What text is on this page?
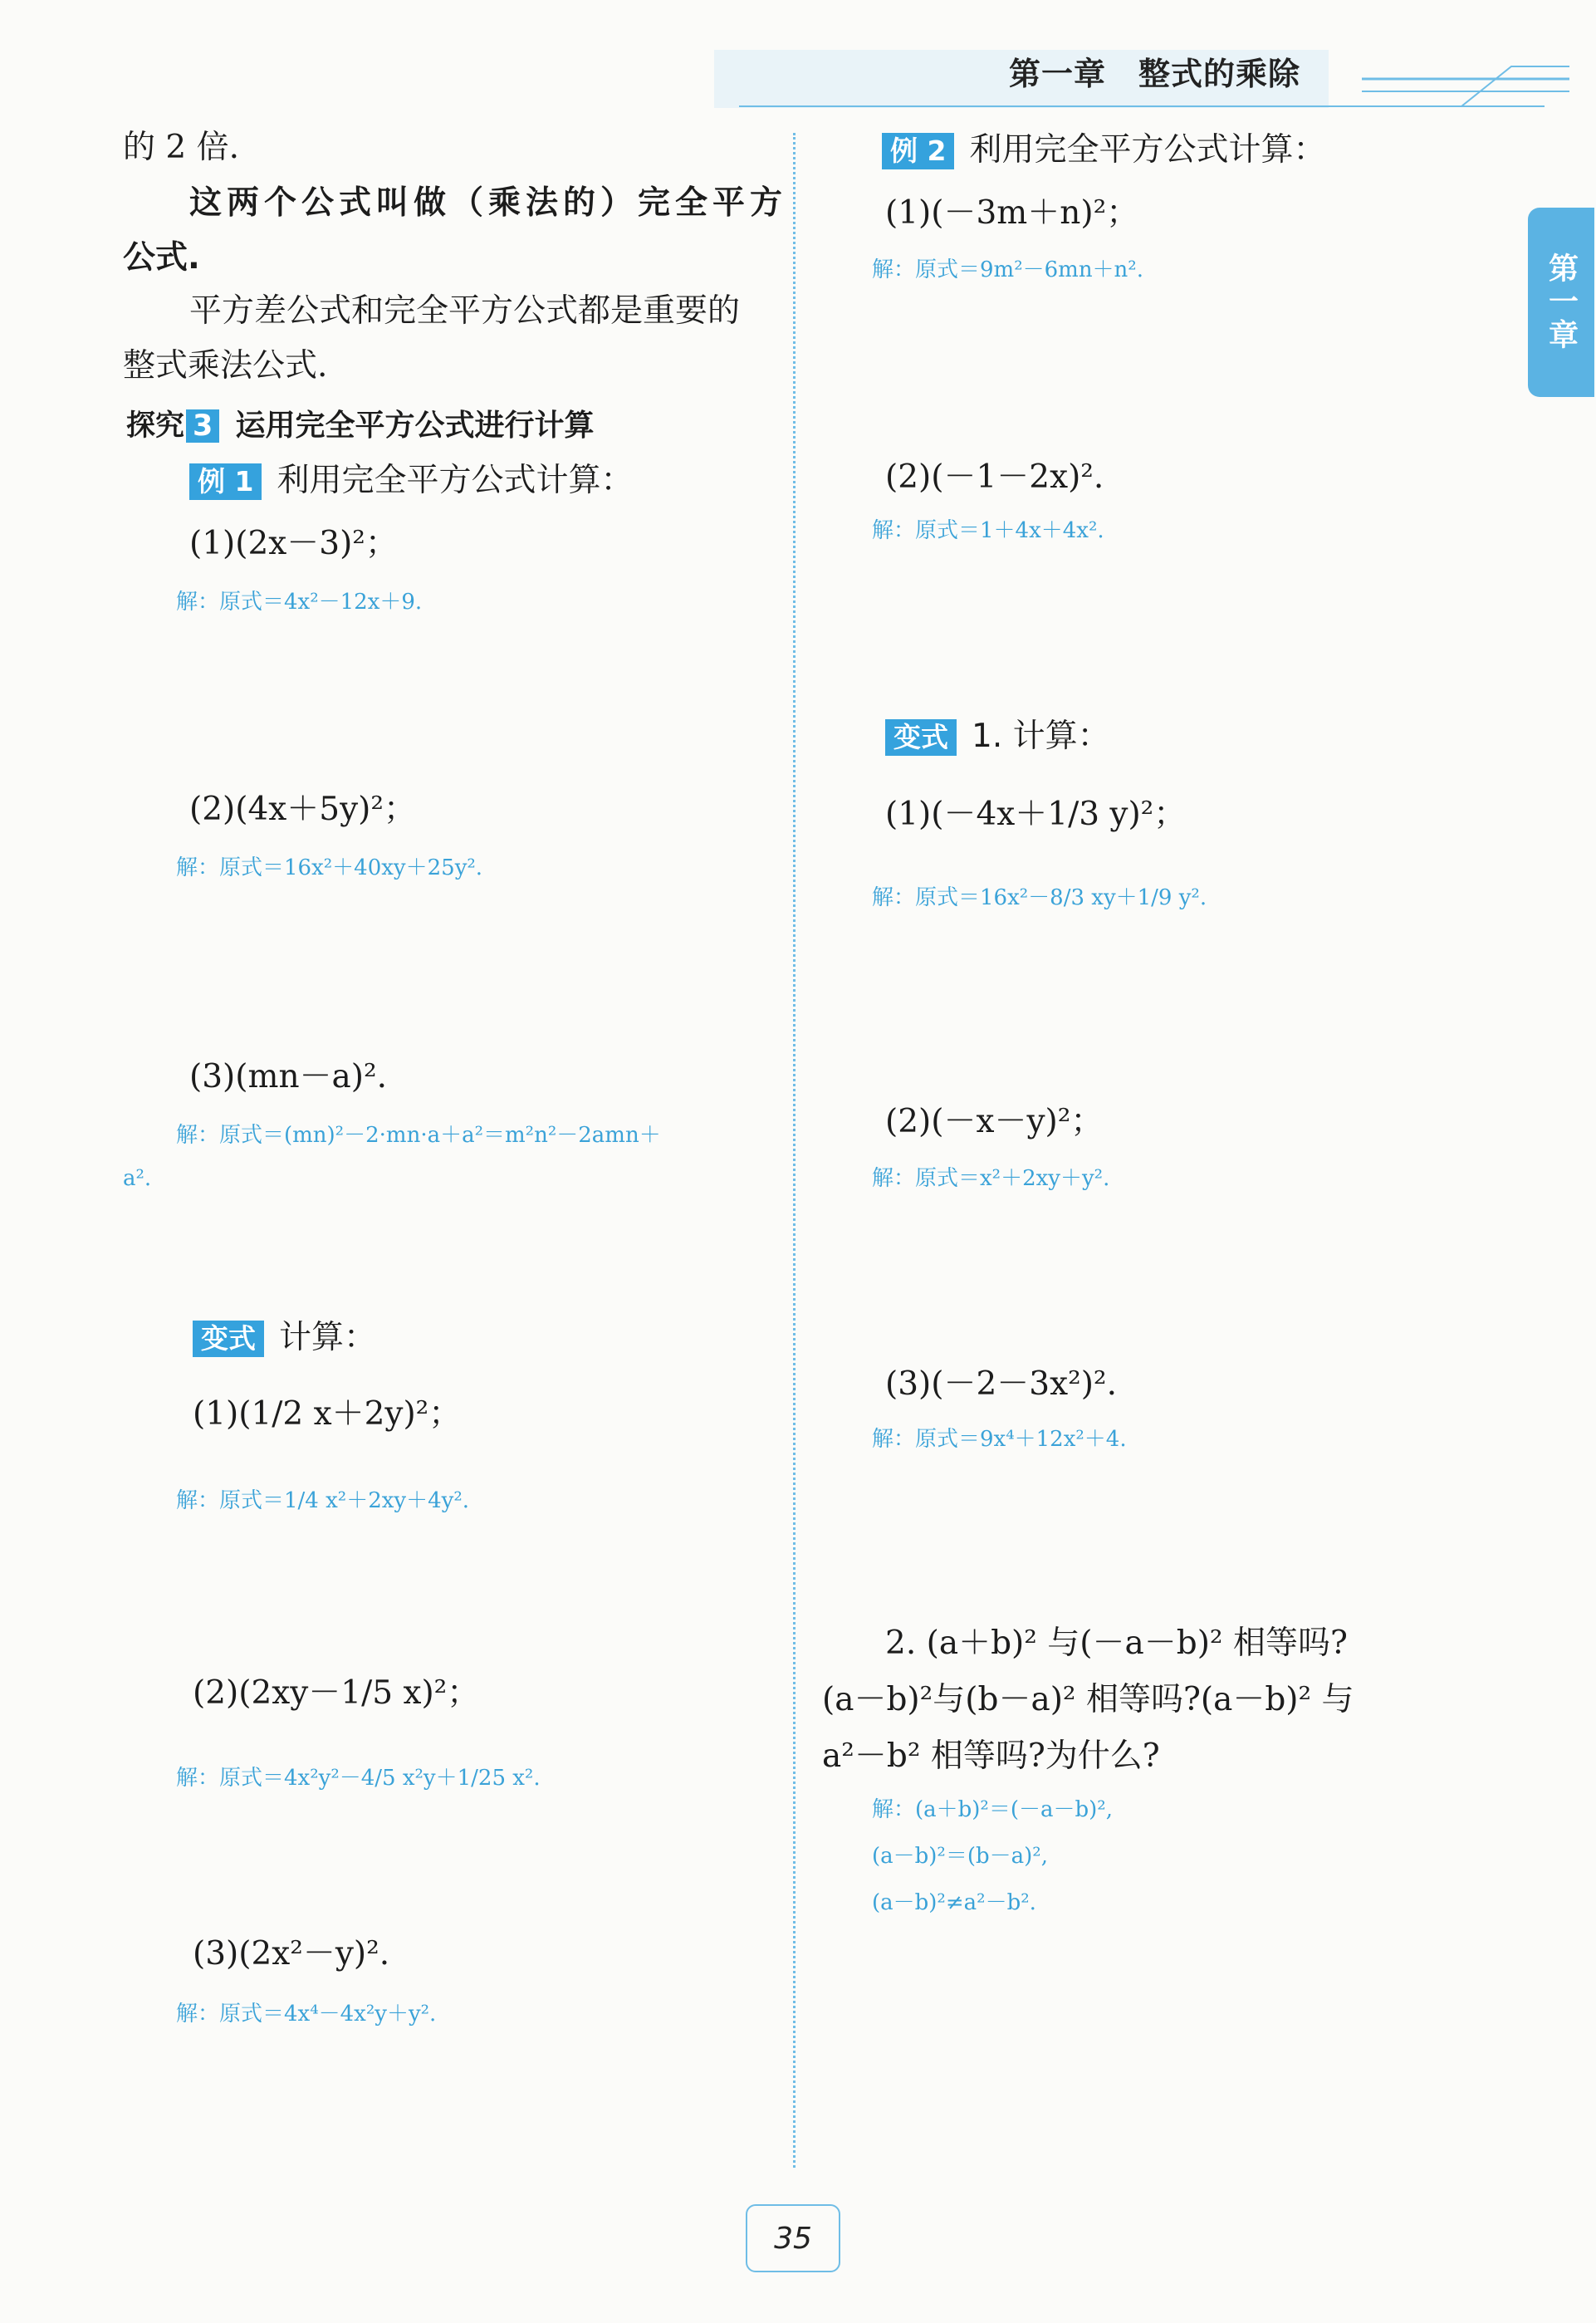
第一章　整式的乘除
第一章
的 2 倍.
这两个公式叫做（乘法的）完全平方
公式.
平方差公式和完全平方公式都是重要的
整式乘法公式.
探究 3 运用完全平方公式进行计算
例 1 利用完全平方公式计算：
(1)(2x－3)²；
解：原式＝4x²－12x＋9.
(2)(4x＋5y)²；
解：原式＝16x²＋40xy＋25y².
(3)(mn－a)².
解：原式＝(mn)²－2·mn·a＋a²＝m²n²－2amn＋
a².
变式 计算：
(1)(1/2 x＋2y)²；
解：原式＝1/4 x²＋2xy＋4y².
(2)(2xy－1/5 x)²；
解：原式＝4x²y²－4/5 x²y＋1/25 x².
(3)(2x²－y)².
解：原式＝4x⁴－4x²y＋y².
例 2 利用完全平方公式计算：
(1)(－3m＋n)²；
解：原式＝9m²－6mn＋n².
(2)(－1－2x)².
解：原式＝1＋4x＋4x².
变式 1. 计算：
(1)(－4x＋1/3 y)²；
解：原式＝16x²－8/3 xy＋1/9 y².
(2)(－x－y)²；
解：原式＝x²＋2xy＋y².
(3)(－2－3x²)².
解：原式＝9x⁴＋12x²＋4.
2. (a＋b)² 与(－a－b)² 相等吗?
(a－b)²与(b－a)² 相等吗?(a－b)² 与
a²－b² 相等吗?为什么?
解：(a＋b)²＝(－a－b)²,
(a－b)²＝(b－a)²,
(a－b)²≠a²－b².
35
